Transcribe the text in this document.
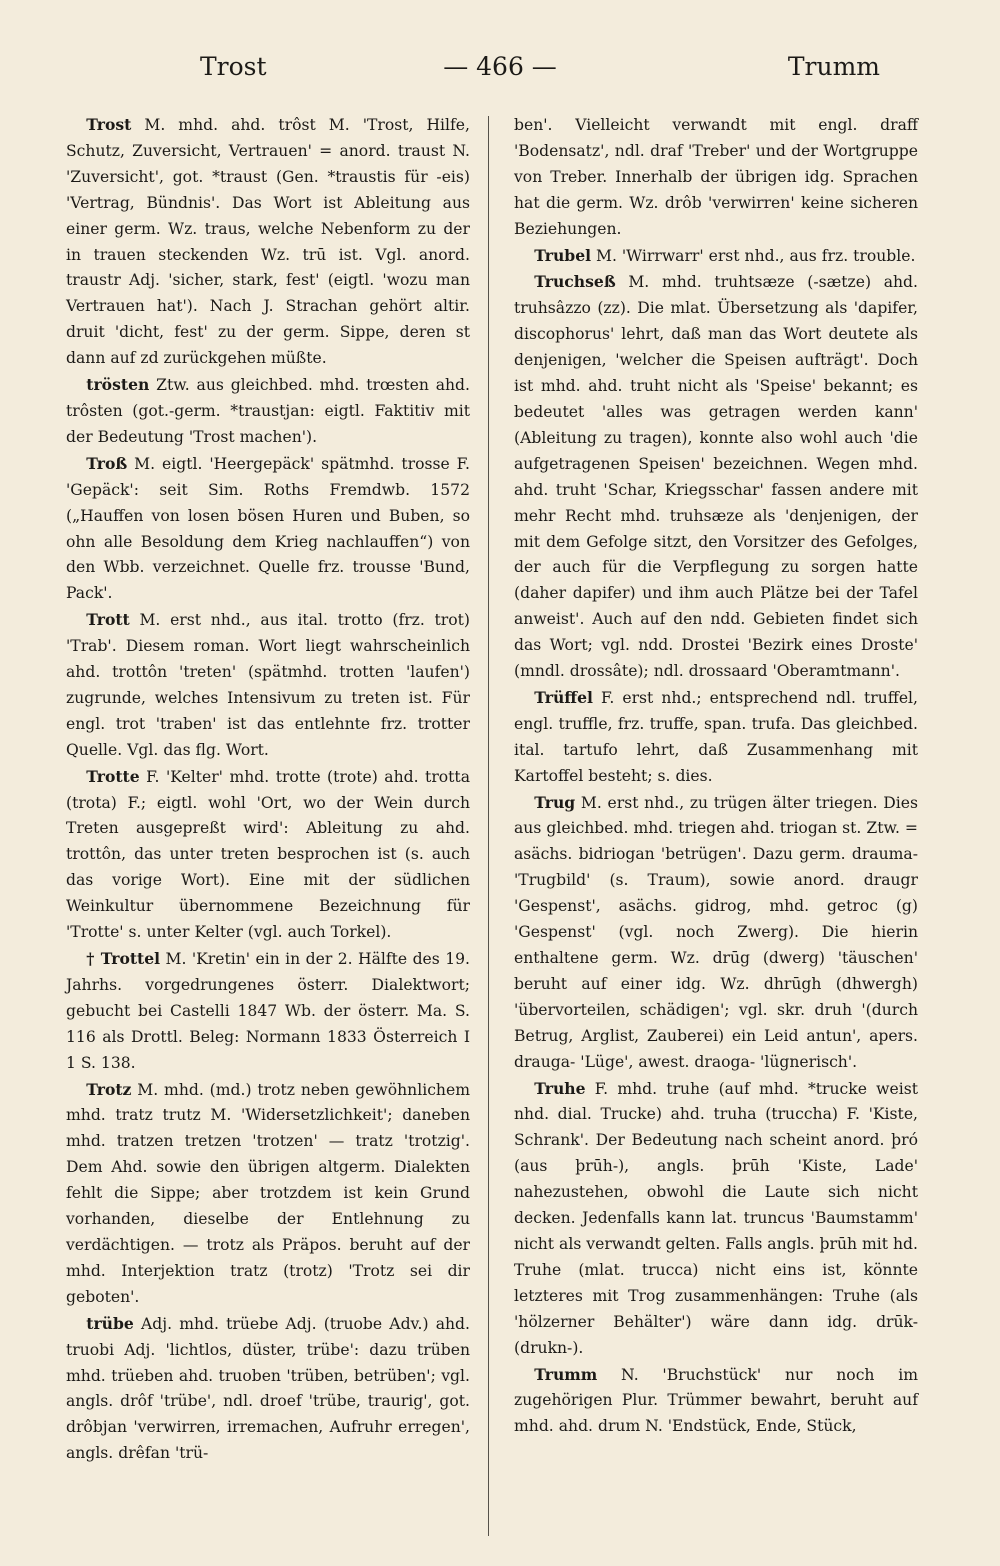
Trost	— 466 —	Trumm

Trost M. mhd. ahd. trôst M. 'Trost, Hilfe, Schutz, Zuversicht, Vertrauen' = anord. traust N. 'Zuversicht', got. *traust (Gen. *traustis für -eis) 'Vertrag, Bündnis'. Das Wort ist Ableitung aus einer germ. Wz. traus, welche Nebenform zu der in trauen steckenden Wz. trū ist. Vgl. anord. traustr Adj. 'sicher, stark, fest' (eigtl. 'wozu man Vertrauen hat'). Nach J. Strachan gehört altir. druit 'dicht, fest' zu der germ. Sippe, deren st dann auf zd zurückgehen müßte.

trösten Ztw. aus gleichbed. mhd. trœsten ahd. trôsten (got.-germ. *traustjan: eigtl. Faktitiv mit der Bedeutung 'Trost machen').

Troß M. eigtl. 'Heergepäck' spätmhd. trosse F. 'Gepäck': seit Sim. Roths Fremdwb. 1572 („Hauffen von losen bösen Huren und Buben, so ohn alle Besoldung dem Krieg nachlauffen“) von den Wbb. verzeichnet. Quelle frz. trousse 'Bund, Pack'.

Trott M. erst nhd., aus ital. trotto (frz. trot) 'Trab'. Diesem roman. Wort liegt wahrscheinlich ahd. trottôn 'treten' (spätmhd. trotten 'laufen') zugrunde, welches Intensivum zu treten ist. Für engl. trot 'traben' ist das entlehnte frz. trotter Quelle. Vgl. das flg. Wort.

Trotte F. 'Kelter' mhd. trotte (trote) ahd. trotta (trota) F.; eigtl. wohl 'Ort, wo der Wein durch Treten ausgepreßt wird': Ableitung zu ahd. trottôn, das unter treten besprochen ist (s. auch das vorige Wort). Eine mit der südlichen Weinkultur übernommene Bezeichnung für 'Trotte' s. unter Kelter (vgl. auch Torkel).

† Trottel M. 'Kretin' ein in der 2. Hälfte des 19. Jahrhs. vorgedrungenes österr. Dialektwort; gebucht bei Castelli 1847 Wb. der österr. Ma. S. 116 als Drottl. Beleg: Normann 1833 Österreich I 1 S. 138.

Trotz M. mhd. (md.) trotz neben gewöhnlichem mhd. tratz trutz M. 'Widersetzlichkeit'; daneben mhd. tratzen tretzen 'trotzen' — tratz 'trotzig'. Dem Ahd. sowie den übrigen altgerm. Dialekten fehlt die Sippe; aber trotzdem ist kein Grund vorhanden, dieselbe der Entlehnung zu verdächtigen. — trotz als Präpos. beruht auf der mhd. Interjektion tratz (trotz) 'Trotz sei dir geboten'.

trübe Adj. mhd. trüebe Adj. (truobe Adv.) ahd. truobi Adj. 'lichtlos, düster, trübe': dazu trüben mhd. trüeben ahd. truoben 'trüben, betrüben'; vgl. angls. drôf 'trübe', ndl. droef 'trübe, traurig', got. drôbjan 'verwirren, irremachen, Aufruhr erregen', angls. drêfan 'trü-

ben'. Vielleicht verwandt mit engl. draff 'Bodensatz', ndl. draf 'Treber' und der Wortgruppe von Treber. Innerhalb der übrigen idg. Sprachen hat die germ. Wz. drôb 'verwirren' keine sicheren Beziehungen.

Trubel M. 'Wirrwarr' erst nhd., aus frz. trouble.

Truchseß M. mhd. truhtsæze (-sætze) ahd. truhsâzzo (zz). Die mlat. Übersetzung als 'dapifer, discophorus' lehrt, daß man das Wort deutete als denjenigen, 'welcher die Speisen aufträgt'. Doch ist mhd. ahd. truht nicht als 'Speise' bekannt; es bedeutet 'alles was getragen werden kann' (Ableitung zu tragen), konnte also wohl auch 'die aufgetragenen Speisen' bezeichnen. Wegen mhd. ahd. truht 'Schar, Kriegsschar' fassen andere mit mehr Recht mhd. truhsæze als 'denjenigen, der mit dem Gefolge sitzt, den Vorsitzer des Gefolges, der auch für die Verpflegung zu sorgen hatte (daher dapifer) und ihm auch Plätze bei der Tafel anweist'. Auch auf den ndd. Gebieten findet sich das Wort; vgl. ndd. Drostei 'Bezirk eines Droste' (mndl. drossâte); ndl. drossaard 'Oberamtmann'.

Trüffel F. erst nhd.; entsprechend ndl. truffel, engl. truffle, frz. truffe, span. trufa. Das gleichbed. ital. tartufo lehrt, daß Zusammenhang mit Kartoffel besteht; s. dies.

Trug M. erst nhd., zu trügen älter triegen. Dies aus gleichbed. mhd. triegen ahd. triogan st. Ztw. = asächs. bidriogan 'betrügen'. Dazu germ. drauma- 'Trugbild' (s. Traum), sowie anord. draugr 'Gespenst', asächs. gidrog, mhd. getroc (g) 'Gespenst' (vgl. noch Zwerg). Die hierin enthaltene germ. Wz. drūg (dwerg) 'täuschen' beruht auf einer idg. Wz. dhrūgh (dhwergh) 'übervorteilen, schädigen'; vgl. skr. druh '(durch Betrug, Arglist, Zauberei) ein Leid antun', apers. drauga- 'Lüge', awest. draoga- 'lügnerisch'.

Truhe F. mhd. truhe (auf mhd. *trucke weist nhd. dial. Trucke) ahd. truha (truccha) F. 'Kiste, Schrank'. Der Bedeutung nach scheint anord. þró (aus þrūh-), angls. þrūh 'Kiste, Lade' nahezustehen, obwohl die Laute sich nicht decken. Jedenfalls kann lat. truncus 'Baumstamm' nicht als verwandt gelten. Falls angls. þrūh mit hd. Truhe (mlat. trucca) nicht eins ist, könnte letzteres mit Trog zusammenhängen: Truhe (als 'hölzerner Behälter') wäre dann idg. drūk- (drukn-).

Trumm N. 'Bruchstück' nur noch im zugehörigen Plur. Trümmer bewahrt, beruht auf mhd. ahd. drum N. 'Endstück, Ende, Stück,
